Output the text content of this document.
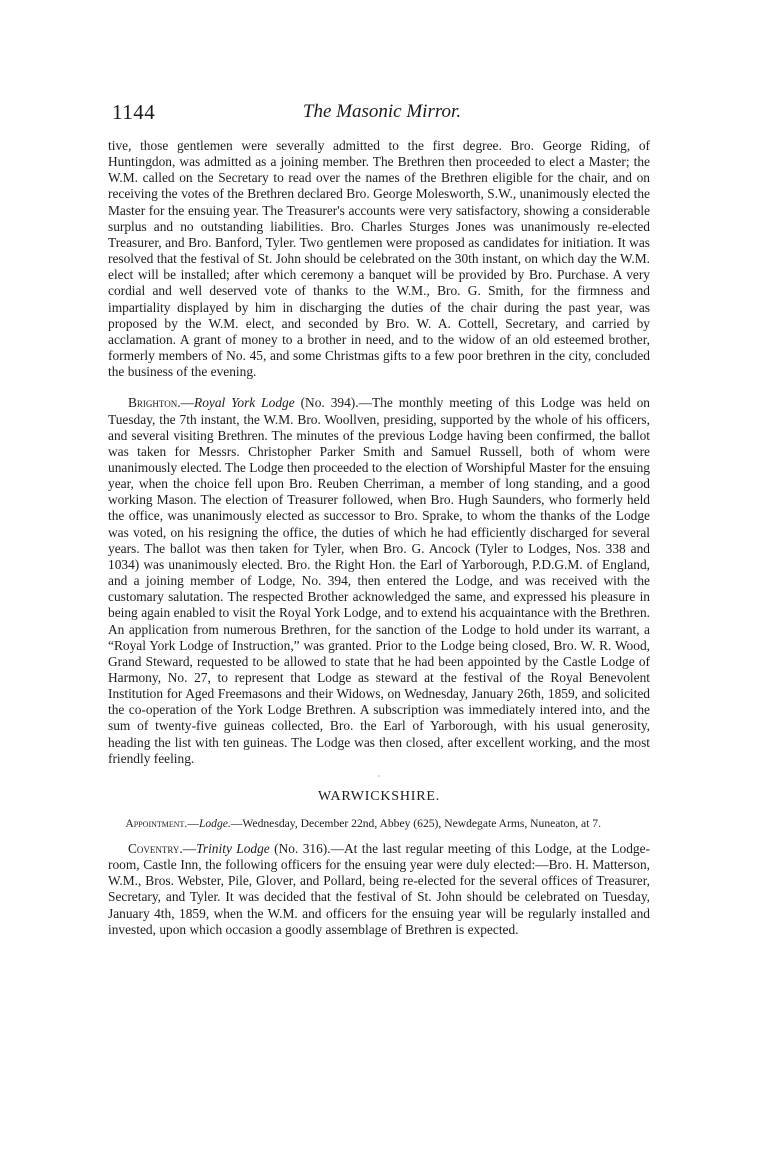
1144	The Masonic Mirror.

tive, those gentlemen were severally admitted to the first degree. Bro. George Riding, of Huntingdon, was admitted as a joining member. The Brethren then proceeded to elect a Master; the W.M. called on the Secretary to read over the names of the Brethren eligible for the chair, and on receiving the votes of the Brethren declared Bro. George Molesworth, S.W., unanimously elected the Master for the ensuing year. The Treasurer's accounts were very satisfactory, showing a considerable surplus and no outstanding liabilities. Bro. Charles Sturges Jones was unanimously re-elected Treasurer, and Bro. Banford, Tyler. Two gentlemen were proposed as candidates for initiation. It was resolved that the festival of St. John should be celebrated on the 30th instant, on which day the W.M. elect will be installed; after which ceremony a banquet will be provided by Bro. Purchase. A very cordial and well deserved vote of thanks to the W.M., Bro. G. Smith, for the firmness and impartiality displayed by him in discharging the duties of the chair during the past year, was proposed by the W.M. elect, and seconded by Bro. W. A. Cottell, Secretary, and carried by acclamation. A grant of money to a brother in need, and to the widow of an old esteemed brother, formerly members of No. 45, and some Christmas gifts to a few poor brethren in the city, concluded the business of the evening.

Brighton.—Royal York Lodge (No. 394).—The monthly meeting of this Lodge was held on Tuesday, the 7th instant, the W.M. Bro. Woollven, presiding, supported by the whole of his officers, and several visiting Brethren. The minutes of the previous Lodge having been confirmed, the ballot was taken for Messrs. Christopher Parker Smith and Samuel Russell, both of whom were unanimously elected. The Lodge then proceeded to the election of Worshipful Master for the ensuing year, when the choice fell upon Bro. Reuben Cherriman, a member of long standing, and a good working Mason. The election of Treasurer followed, when Bro. Hugh Saunders, who formerly held the office, was unanimously elected as successor to Bro. Sprake, to whom the thanks of the Lodge was voted, on his resigning the office, the duties of which he had efficiently discharged for several years. The ballot was then taken for Tyler, when Bro. G. Ancock (Tyler to Lodges, Nos. 338 and 1034) was unanimously elected. Bro. the Right Hon. the Earl of Yarborough, P.D.G.M. of England, and a joining member of Lodge, No. 394, then entered the Lodge, and was received with the customary salutation. The respected Brother acknowledged the same, and expressed his pleasure in being again enabled to visit the Royal York Lodge, and to extend his acquaintance with the Brethren. An application from numerous Brethren, for the sanction of the Lodge to hold under its warrant, a “Royal York Lodge of Instruction,” was granted. Prior to the Lodge being closed, Bro. W. R. Wood, Grand Steward, requested to be allowed to state that he had been appointed by the Castle Lodge of Harmony, No. 27, to represent that Lodge as steward at the festival of the Royal Benevolent Institution for Aged Freemasons and their Widows, on Wednesday, January 26th, 1859, and solicited the co-operation of the York Lodge Brethren. A subscription was immediately intered into, and the sum of twenty-five guineas collected, Bro. the Earl of Yarborough, with his usual generosity, heading the list with ten guineas. The Lodge was then closed, after excellent working, and the most friendly feeling.

·
WARWICKSHIRE.

  Appointment.—Lodge.—Wednesday, December 22nd, Abbey (625), Newdegate Arms, Nuneaton, at 7.

Coventry.—Trinity Lodge (No. 316).—At the last regular meeting of this Lodge, at the Lodge-room, Castle Inn, the following officers for the ensuing year were duly elected:—Bro. H. Matterson, W.M., Bros. Webster, Pile, Glover, and Pollard, being re-elected for the several offices of Treasurer, Secretary, and Tyler. It was decided that the festival of St. John should be celebrated on Tuesday, January 4th, 1859, when the W.M. and officers for the ensuing year will be regularly installed and invested, upon which occasion a goodly assemblage of Brethren is expected.
